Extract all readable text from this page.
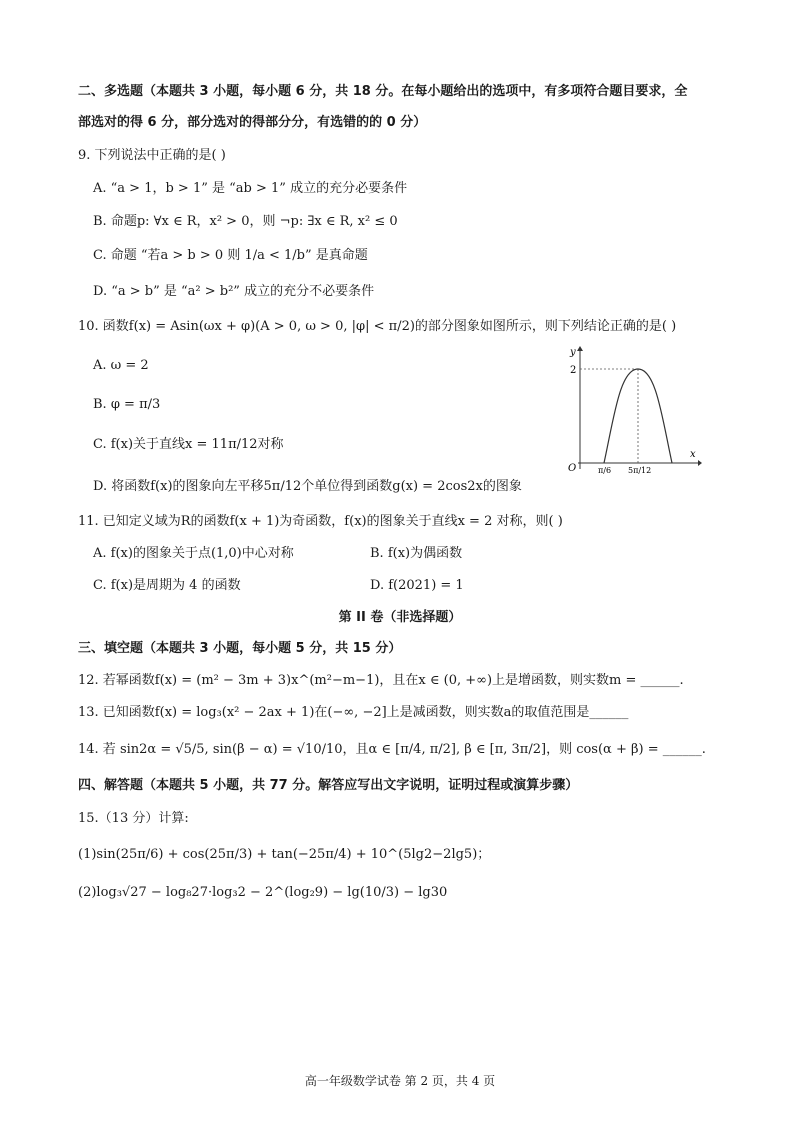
二、多选题（本题共 3 小题，每小题 6 分，共 18 分。在每小题给出的选项中，有多项符合题目要求，全
部选对的得 6 分，部分选对的得部分分，有选错的的 0 分）
9. 下列说法中正确的是( )
A. “a > 1，b > 1” 是 “ab > 1” 成立的充分必要条件
B. 命题p: ∀x ∈ R，x² > 0，则 ¬p: ∃x ∈ R, x² ≤ 0
C. 命题 “若a > b > 0 则 1/a < 1/b” 是真命题
D. “a > b” 是 “a² > b²” 成立的充分不必要条件
10. 函数f(x) = Asin(ωx + φ)(A > 0, ω > 0, |φ| < π/2)的部分图象如图所示，则下列结论正确的是( )
A. ω = 2
B. φ = π/3
C. f(x)关于直线x = 11π/12对称
D. 将函数f(x)的图象向左平移5π/12个单位得到函数g(x) = 2cos2x的图象
y
x
O
2
π/6 5π/12
11. 已知定义域为R的函数f(x + 1)为奇函数，f(x)的图象关于直线x = 2 对称，则( )
A. f(x)的图象关于点(1,0)中心对称	B. f(x)为偶函数
C. f(x)是周期为 4 的函数	D. f(2021) = 1
第 II 卷（非选择题）
三、填空题（本题共 3 小题，每小题 5 分，共 15 分）
12. 若幂函数f(x) = (m² − 3m + 3)x^(m²−m−1)，且在x ∈ (0, +∞)上是增函数，则实数m = ______.
13. 已知函数f(x) = log₃(x² − 2ax + 1)在(−∞, −2]上是减函数，则实数a的取值范围是______
14. 若 sin2α = √5/5, sin(β − α) = √10/10，且α ∈ [π/4, π/2], β ∈ [π, 3π/2]，则 cos(α + β) = ______.
四、解答题（本题共 5 小题，共 77 分。解答应写出文字说明，证明过程或演算步骤）
15.（13 分）计算:
(1)sin(25π/6) + cos(25π/3) + tan(−25π/4) + 10^(5lg2−2lg5)；
(2)log₃√27 − log₈27·log₃2 − 2^(log₂9) − lg(10/3) − lg30
高一年级数学试卷 第 2 页，共 4 页
